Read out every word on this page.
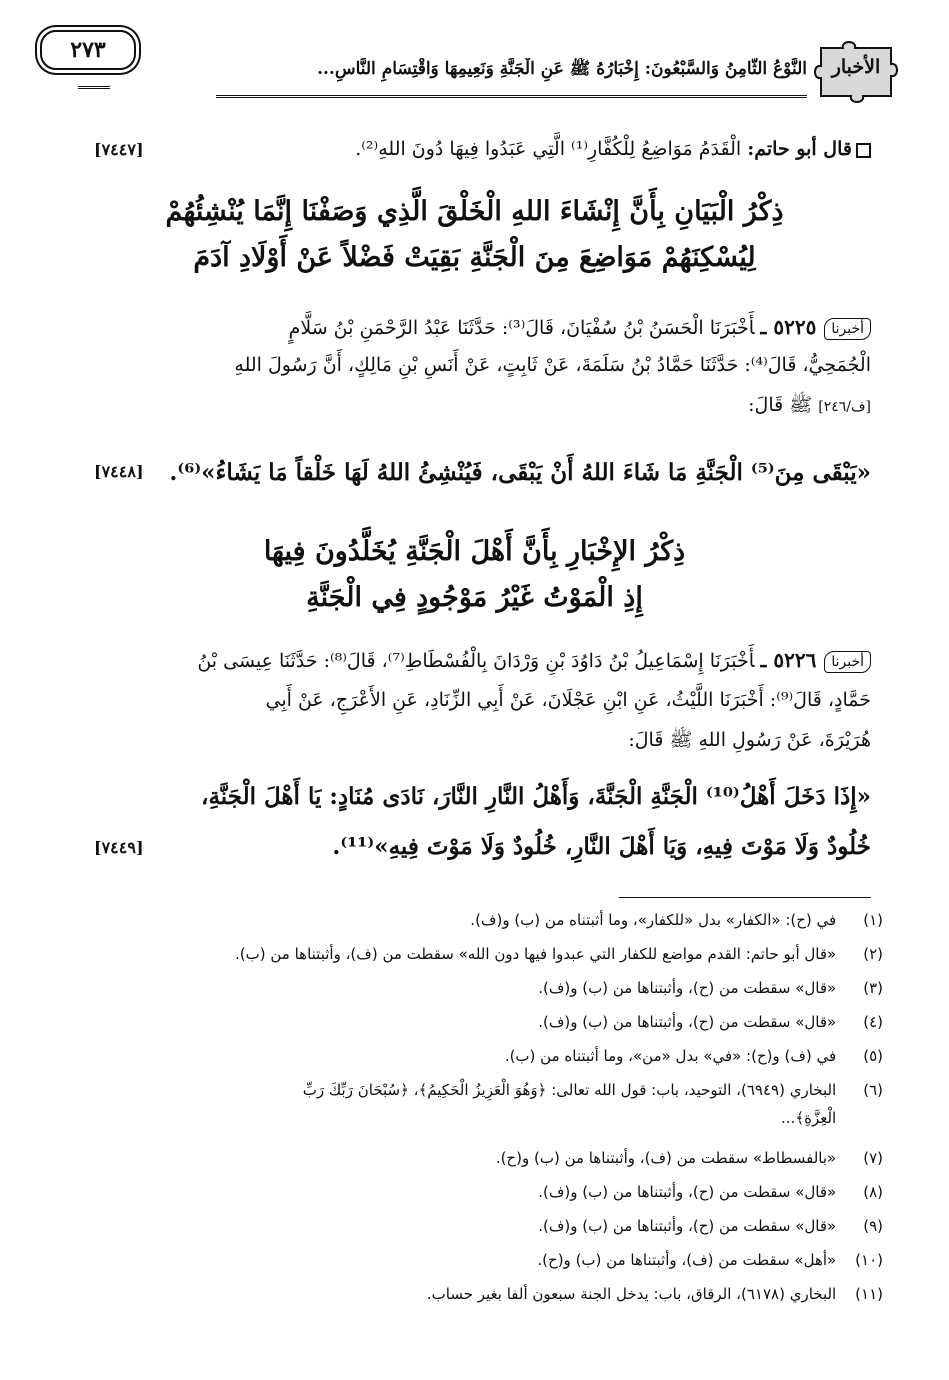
الأخبار
النَّوْعُ الثَّامِنُ وَالسَّبْعُونَ: إِخْبَارُهُ ﷺ عَنِ الْجَنَّةِ وَنَعِيمِهَا وَاقْتِسَامِ النَّاسِ...
٢٧٣
قال أبو حاتم: الْقَدَمُ مَوَاضِعُ لِلْكُفَّارِ⁽¹⁾ الَّتِي عَبَدُوا فِيهَا دُونَ اللهِ⁽²⁾.
[٧٤٤٧]
ذِكْرُ الْبَيَانِ بِأَنَّ إِنْشَاءَ اللهِ الْخَلْقَ الَّذِي وَصَفْنَا إِنَّمَا يُنْشِئُهُمْ
لِيُسْكِنَهُمْ مَوَاضِعَ مِنَ الْجَنَّةِ بَقِيَتْ فَضْلاً عَنْ أَوْلَادِ آدَمَ
أخبرنا٥٢٢٥ ـأَخْبَرَنَا الْحَسَنُ بْنُ سُفْيَانَ، قَالَ⁽³⁾: حَدَّثَنَا عَبْدُ الرَّحْمَنِ بْنُ سَلَّامٍ
الْجُمَحِيُّ، قَالَ⁽⁴⁾: حَدَّثَنَا حَمَّادُ بْنُ سَلَمَةَ، عَنْ ثَابِتٍ، عَنْ أَنَسِ بْنِ مَالِكٍ، أَنَّ رَسُولَ اللهِ
[ف/٢٤٦] ﷺ قَالَ:
«يَبْقَى مِنَ⁽⁵⁾ الْجَنَّةِ مَا شَاءَ اللهُ أَنْ يَبْقَى، فَيُنْشِئُ اللهُ لَهَا خَلْقاً مَا يَشَاءُ»⁽⁶⁾.
[٧٤٤٨]
ذِكْرُ الإِخْبَارِ بِأَنَّ أَهْلَ الْجَنَّةِ يُخَلَّدُونَ فِيهَا
إِذِ الْمَوْتُ غَيْرُ مَوْجُودٍ فِي الْجَنَّةِ
أخبرنا٥٢٢٦ ـأَخْبَرَنَا إِسْمَاعِيلُ بْنُ دَاوُدَ بْنِ وَرْدَانَ بِالْفُسْطَاطِ⁽⁷⁾، قَالَ⁽⁸⁾: حَدَّثَنَا عِيسَى بْنُ
حَمَّادٍ، قَالَ⁽⁹⁾: أَخْبَرَنَا اللَّيْثُ، عَنِ ابْنِ عَجْلَانَ، عَنْ أَبِي الزِّنَادِ، عَنِ الأَعْرَجِ، عَنْ أَبِي
هُرَيْرَةَ، عَنْ رَسُولِ اللهِ ﷺ قَالَ:
«إِذَا دَخَلَ أَهْلُ⁽¹⁰⁾ الْجَنَّةِ الْجَنَّةَ، وَأَهْلُ النَّارِ النَّارَ، نَادَى مُنَادٍ: يَا أَهْلَ الْجَنَّةِ،
خُلُودٌ وَلَا مَوْتَ فِيهِ، وَيَا أَهْلَ النَّارِ، خُلُودٌ وَلَا مَوْتَ فِيهِ»⁽¹¹⁾.
[٧٤٤٩]
(١) في (ح): «الكفار» بدل «للكفار»، وما أثبتناه من (ب) و(ف).
(٢) «قال أبو حاتم: القدم مواضع للكفار التي عبدوا فيها دون الله» سقطت من (ف)، وأثبتناها من (ب).
(٣) «قال» سقطت من (ح)، وأثبتناها من (ب) و(ف).
(٤) «قال» سقطت من (ح)، وأثبتناها من (ب) و(ف).
(٥) في (ف) و(ح): «في» بدل «من»، وما أثبتناه من (ب).
(٦) البخاري (٦٩٤٩)، التوحيد، باب: قول الله تعالى: ﴿وَهُوَ الْعَزِيزُ الْحَكِيمُ﴾، ﴿سُبْحَانَ رَبِّكَ رَبِّ
الْعِزَّةِ﴾...
(٧) «بالفسطاط» سقطت من (ف)، وأثبتناها من (ب) و(ح).
(٨) «قال» سقطت من (ح)، وأثبتناها من (ب) و(ف).
(٩) «قال» سقطت من (ح)، وأثبتناها من (ب) و(ف).
(١٠) «أهل» سقطت من (ف)، وأثبتناها من (ب) و(ح).
(١١) البخاري (٦١٧٨)، الرقاق، باب: يدخل الجنة سبعون ألفا بغير حساب.
